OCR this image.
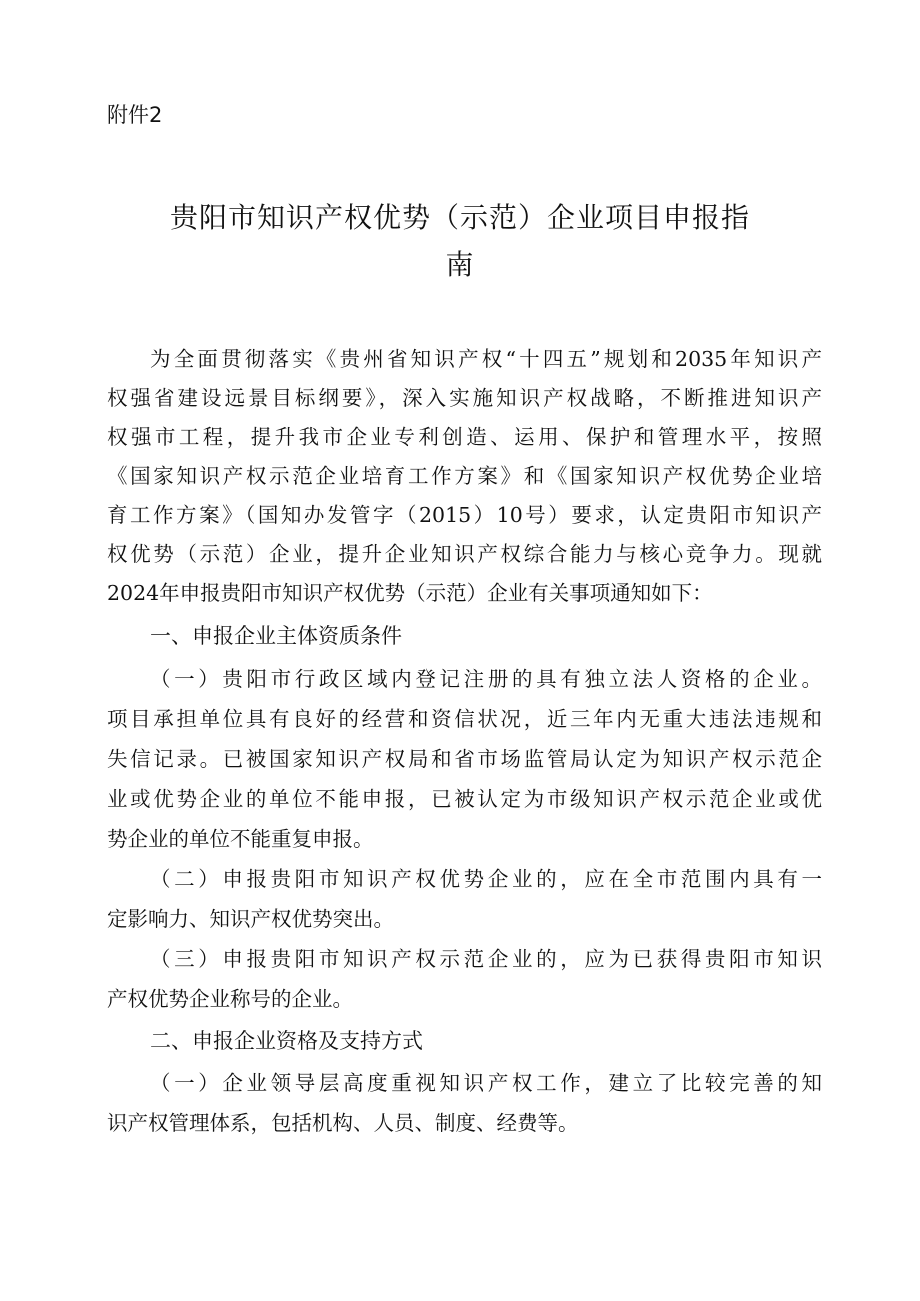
附件2
贵阳市知识产权优势（示范）企业项目申报指
南
为全面贯彻落实《贵州省知识产权“十四五”规划和2035年知识产
权强省建设远景目标纲要》，深入实施知识产权战略，不断推进知识产
权强市工程，提升我市企业专利创造、运用、保护和管理水平，按照
《国家知识产权示范企业培育工作方案》和《国家知识产权优势企业培
育工作方案》（国知办发管字（2015）10号）要求，认定贵阳市知识产
权优势（示范）企业，提升企业知识产权综合能力与核心竞争力。现就
2024年申报贵阳市知识产权优势（示范）企业有关事项通知如下：
一、申报企业主体资质条件
（一）贵阳市行政区域内登记注册的具有独立法人资格的企业。
项目承担单位具有良好的经营和资信状况，近三年内无重大违法违规和
失信记录。已被国家知识产权局和省市场监管局认定为知识产权示范企
业或优势企业的单位不能申报，已被认定为市级知识产权示范企业或优
势企业的单位不能重复申报。
（二）申报贵阳市知识产权优势企业的，应在全市范围内具有一
定影响力、知识产权优势突出。
（三）申报贵阳市知识产权示范企业的，应为已获得贵阳市知识
产权优势企业称号的企业。
二、申报企业资格及支持方式
（一）企业领导层高度重视知识产权工作，建立了比较完善的知
识产权管理体系，包括机构、人员、制度、经费等。
